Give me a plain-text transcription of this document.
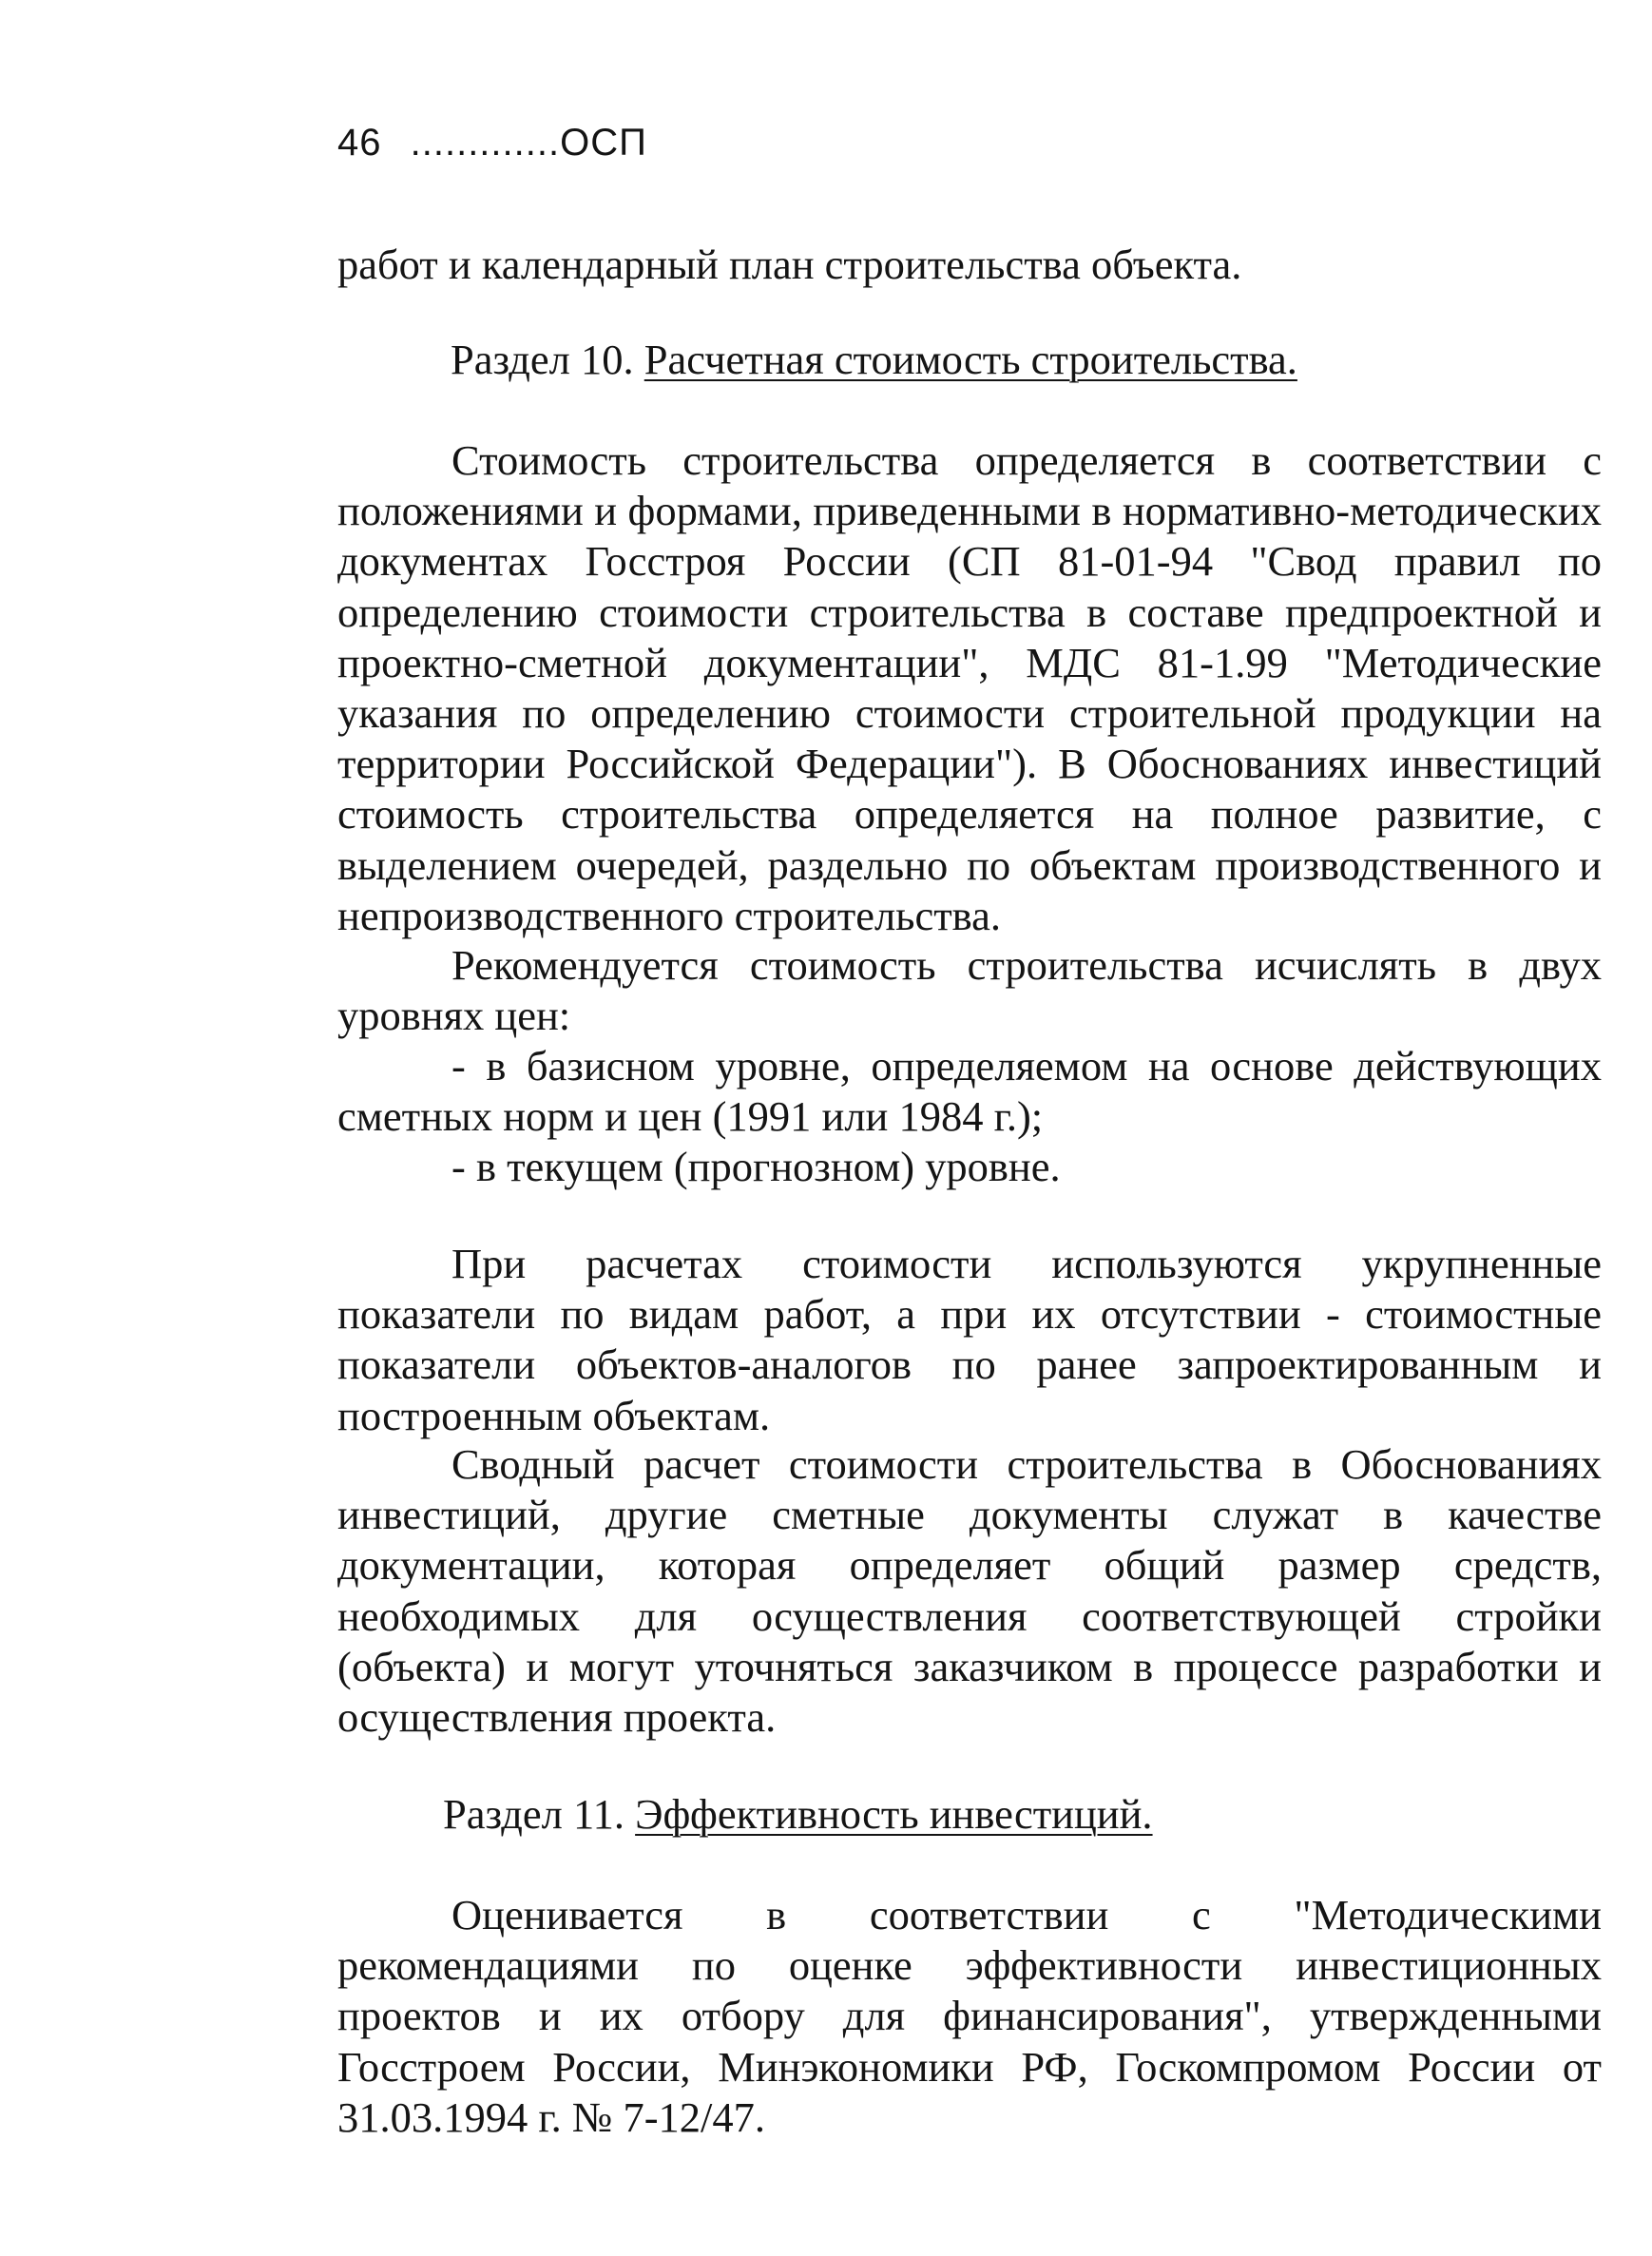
46 .............ОСП

работ и календарный план строительства объекта.

Раздел 10. Расчетная стоимость строительства.

Стоимость строительства определяется в соответствии с положениями и формами, приведенными в нормативно-методических документах Госстроя России (СП 81-01-94 "Свод правил по определению стоимости строительства в составе предпроектной и проектно-сметной документации", МДС 81-1.99 "Методические указания по определению стоимости строительной продукции на территории Российской Федерации"). В Обоснованиях инвестиций стоимость строительства определяется на полное развитие, с выделением очередей, раздельно по объектам производственного и непроизводственного строительства.

Рекомендуется стоимость строительства исчислять в двух уровнях цен:

- в базисном уровне, определяемом на основе действующих сметных норм и цен (1991 или 1984 г.);

- в текущем (прогнозном) уровне.

При расчетах стоимости используются укрупненные показатели по видам работ, а при их отсутствии - стоимостные показатели объектов-аналогов по ранее запроектированным и построенным объектам.

Сводный расчет стоимости строительства в Обоснованиях инвестиций, другие сметные документы служат в качестве документации, которая определяет общий размер средств, необходимых для осуществления соответствующей стройки (объекта) и могут уточняться заказчиком в процессе разработки и осуществления проекта.

Раздел 11. Эффективность инвестиций.

Оценивается в соответствии с "Методическими рекомендациями по оценке эффективности инвестиционных проектов и их отбору для финансирования", утвержденными Госстроем России, Минэкономики РФ, Госкомпромом России от 31.03.1994 г. № 7-12/47.
